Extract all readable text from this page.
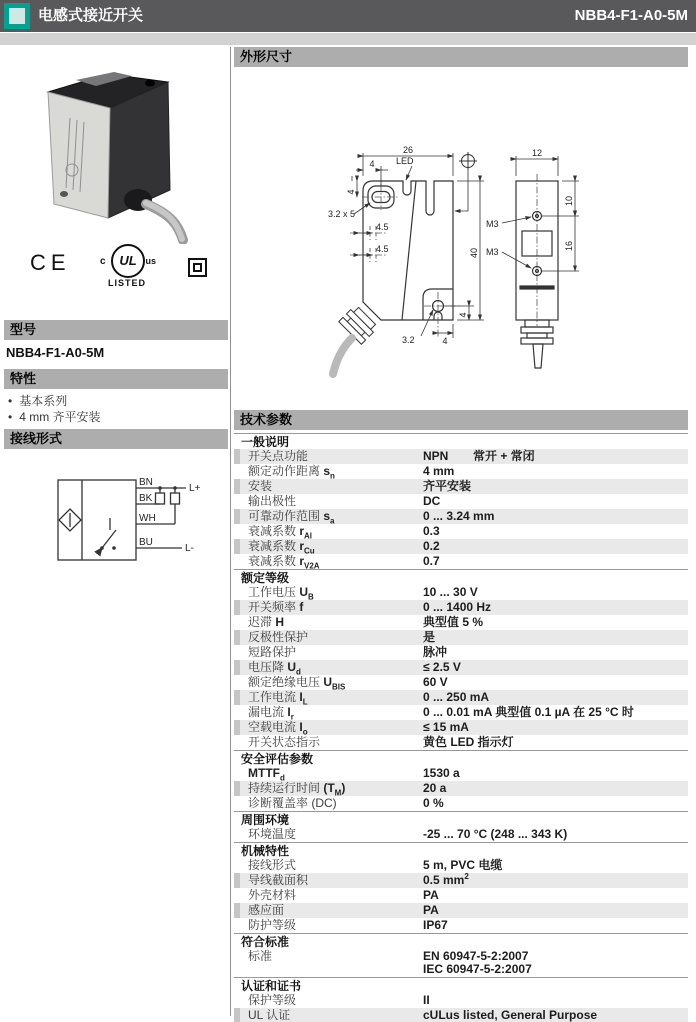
电感式接近开关	NBB4-F1-A0-5M
CE	c	UL us
LISTED
型号
NBB4-F1-A0-5M
特性
• 基本系列
• 4 mm 齐平安装
接线形式
BN
BK
WH
BU
L+
L-
外形尺寸
26
4 LED
3.2 x 5
4
4.5
4.5	40
4
3.2	4
12
10
16
M3
M3
技术参数
一般说明
开关点功能	NPN	常开 + 常闭
额定动作距离 $s_n$	4 mm
安装	齐平安装
输出极性	DC
可靠动作范围 $s_a$	0 ... 3.24 mm
衰减系数 $r_{Al}$	0.3
衰减系数 $r_{Cu}$	0.2
衰减系数 $r_{V2A}$	0.7
额定等级
工作电压 $U_B$	10 ... 30 V
开关频率 f	0 ... 1400 Hz
迟滞 H	典型值 5 %
反极性保护	是
短路保护	脉冲
电压降 $U_d$	≤ 2.5 V
额定绝缘电压 $U_{BIS}$	60 V
工作电流 $I_L$	0 ... 250 mA
漏电流 $I_r$	0 ... 0.01 mA 典型值 0.1 µA 在 25 °C 时
空载电流 $I_o$	≤ 15 mA
开关状态指示	黄色 LED 指示灯
安全评估参数
$MTTF_d$	1530 a
持续运行时间 $(T_M)$	20 a
诊断覆盖率 (DC)	0 %
周围环境
环境温度	-25 ... 70 °C (248 ... 343 K)
机械特性
接线形式	5 m, PVC 电缆
导线截面积	0.5 $mm^2$
外壳材料	PA
感应面	PA
防护等级	IP67
符合标准
标准	EN 60947-5-2:2007
IEC 60947-5-2:2007
认证和证书
保护等级	II
UL 认证	cULus listed, General Purpose
